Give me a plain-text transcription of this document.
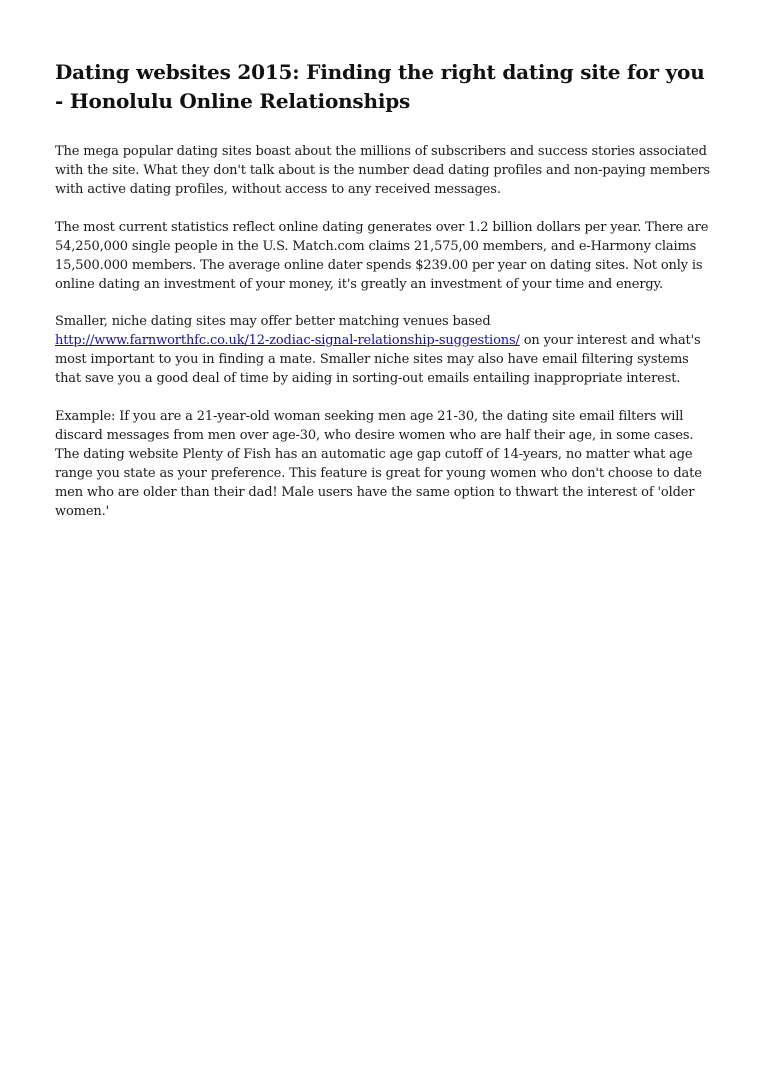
Dating websites 2015: Finding the right dating site for you - Honolulu Online Relationships

The mega popular dating sites boast about the millions of subscribers and success stories associated with the site. What they don't talk about is the number dead dating profiles and non-paying members with active dating profiles, without access to any received messages.

The most current statistics reflect online dating generates over 1.2 billion dollars per year. There are 54,250,000 single people in the U.S. Match.com claims 21,575,00 members, and e-Harmony claims 15,500.000 members. The average online dater spends $239.00 per year on dating sites. Not only is online dating an investment of your money, it's greatly an investment of your time and energy.

Smaller, niche dating sites may offer better matching venues based
http://www.farnworthfc.co.uk/12-zodiac-signal-relationship-suggestions/ on your interest and what's most important to you in finding a mate. Smaller niche sites may also have email filtering systems that save you a good deal of time by aiding in sorting-out emails entailing inappropriate interest.

Example: If you are a 21-year-old woman seeking men age 21-30, the dating site email filters will discard messages from men over age-30, who desire women who are half their age, in some cases. The dating website Plenty of Fish has an automatic age gap cutoff of 14-years, no matter what age range you state as your preference. This feature is great for young women who don't choose to date men who are older than their dad! Male users have the same option to thwart the interest of 'older women.'
